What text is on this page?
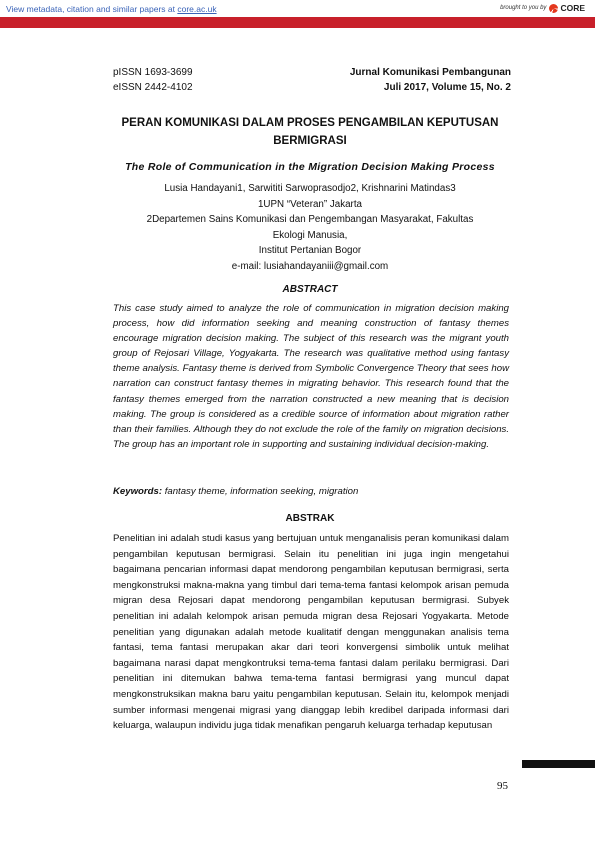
View metadata, citation and similar papers at core.ac.uk	brought to you by CORE
provided by Scientific Journals of Bogor Agricultural University
pISSN 1693-3699
eISSN 2442-4102
Jurnal Komunikasi Pembangunan
Juli 2017, Volume 15, No. 2
PERAN KOMUNIKASI DALAM PROSES PENGAMBILAN KEPUTUSAN
BERMIGRASI
The Role of Communication in the Migration Decision Making Process
Lusia Handayani1, Sarwititi Sarwoprasodjo2, Krishnarini Matindas3
1UPN “Veteran” Jakarta
2Departemen Sains Komunikasi dan Pengembangan Masyarakat, Fakultas
Ekologi Manusia,
Institut Pertanian Bogor
e-mail: lusiahandayaniii@gmail.com
ABSTRACT
This case study aimed to analyze the role of communication in migration decision making process, how did information seeking and meaning construction of fantasy themes encourage migration decision making. The subject of this research was the migrant youth group of Rejosari Village, Yogyakarta. The research was qualitative method using fantasy theme analysis. Fantasy theme is derived from Symbolic Convergence Theory that sees how narration can construct fantasy themes in migrating behavior. This research found that the fantasy themes emerged from the narration constructed a new meaning that is decision making. The group is considered as a credible source of information about migration rather than their families. Although they do not exclude the role of the family on migration decisions. The group has an important role in supporting and sustaining individual decision-making.
Keywords: fantasy theme, information seeking, migration
ABSTRAK
Penelitian ini adalah studi kasus yang bertujuan untuk menganalisis peran komunikasi dalam pengambilan keputusan bermigrasi. Selain itu penelitian ini juga ingin mengetahui bagaimana pencarian informasi dapat mendorong pengambilan keputusan bermigrasi, serta mengkonstruksi makna-makna yang timbul dari tema-tema fantasi kelompok arisan pemuda migran desa Rejosari dapat mendorong pengambilan keputusan bermigrasi. Subyek penelitian ini adalah kelompok arisan pemuda migran desa Rejosari Yogyakarta. Metode penelitian yang digunakan adalah metode kualitatif dengan menggunakan analisis tema fantasi, tema fantasi merupakan akar dari teori konvergensi simbolik untuk melihat bagaimana narasi dapat mengkontruksi tema-tema fantasi dalam perilaku bermigrasi. Dari penelitian ini ditemukan bahwa tema-tema fantasi bermigrasi yang muncul dapat mengkonstruksikan makna baru yaitu pengambilan keputusan. Selain itu, kelompok menjadi sumber informasi mengenai migrasi yang dianggap lebih kredibel daripada informasi dari keluarga, walaupun individu juga tidak menafikan pengaruh keluarga terhadap keputusan
95
